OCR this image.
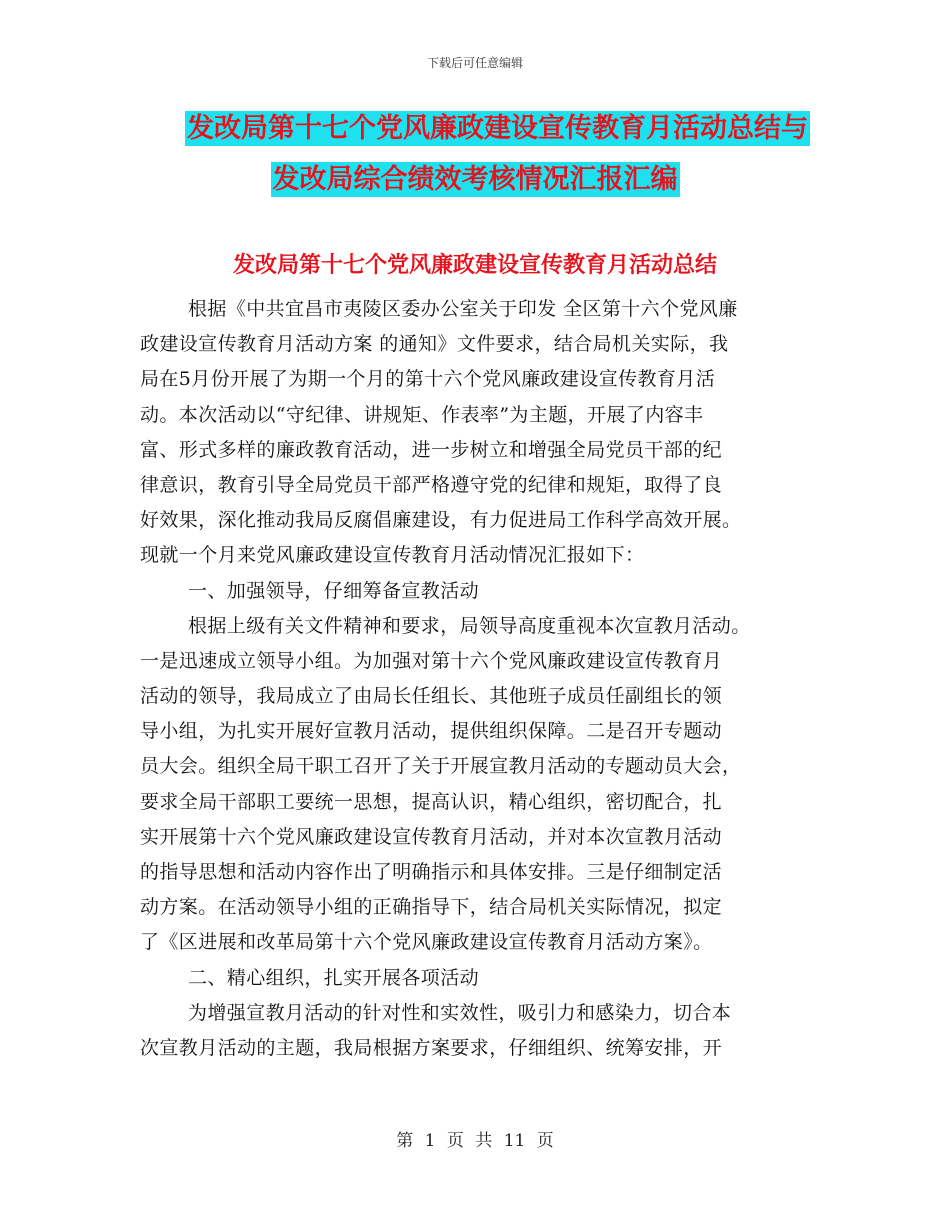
下载后可任意编辑
发改局第十七个党风廉政建设宣传教育月活动总结与
发改局综合绩效考核情况汇报汇编
发改局第十七个党风廉政建设宣传教育月活动总结
根据《中共宜昌市夷陵区委办公室关于印发 全区第十六个党风廉
政建设宣传教育月活动方案 的通知》文件要求，结合局机关实际，我
局在5月份开展了为期一个月的第十六个党风廉政建设宣传教育月活
动。本次活动以“守纪律、讲规矩、作表率”为主题，开展了内容丰
富、形式多样的廉政教育活动，进一步树立和增强全局党员干部的纪
律意识，教育引导全局党员干部严格遵守党的纪律和规矩，取得了良
好效果，深化推动我局反腐倡廉建设，有力促进局工作科学高效开展。
现就一个月来党风廉政建设宣传教育月活动情况汇报如下：
一、加强领导，仔细筹备宣教活动
根据上级有关文件精神和要求，局领导高度重视本次宣教月活动。
一是迅速成立领导小组。为加强对第十六个党风廉政建设宣传教育月
活动的领导，我局成立了由局长任组长、其他班子成员任副组长的领
导小组，为扎实开展好宣教月活动，提供组织保障。二是召开专题动
员大会。组织全局干职工召开了关于开展宣教月活动的专题动员大会，
要求全局干部职工要统一思想，提高认识，精心组织，密切配合，扎
实开展第十六个党风廉政建设宣传教育月活动，并对本次宣教月活动
的指导思想和活动内容作出了明确指示和具体安排。三是仔细制定活
动方案。在活动领导小组的正确指导下，结合局机关实际情况，拟定
了《区进展和改革局第十六个党风廉政建设宣传教育月活动方案》。
二、精心组织，扎实开展各项活动
为增强宣教月活动的针对性和实效性，吸引力和感染力，切合本
次宣教月活动的主题，我局根据方案要求，仔细组织、统筹安排，开
第 1 页 共 11 页
